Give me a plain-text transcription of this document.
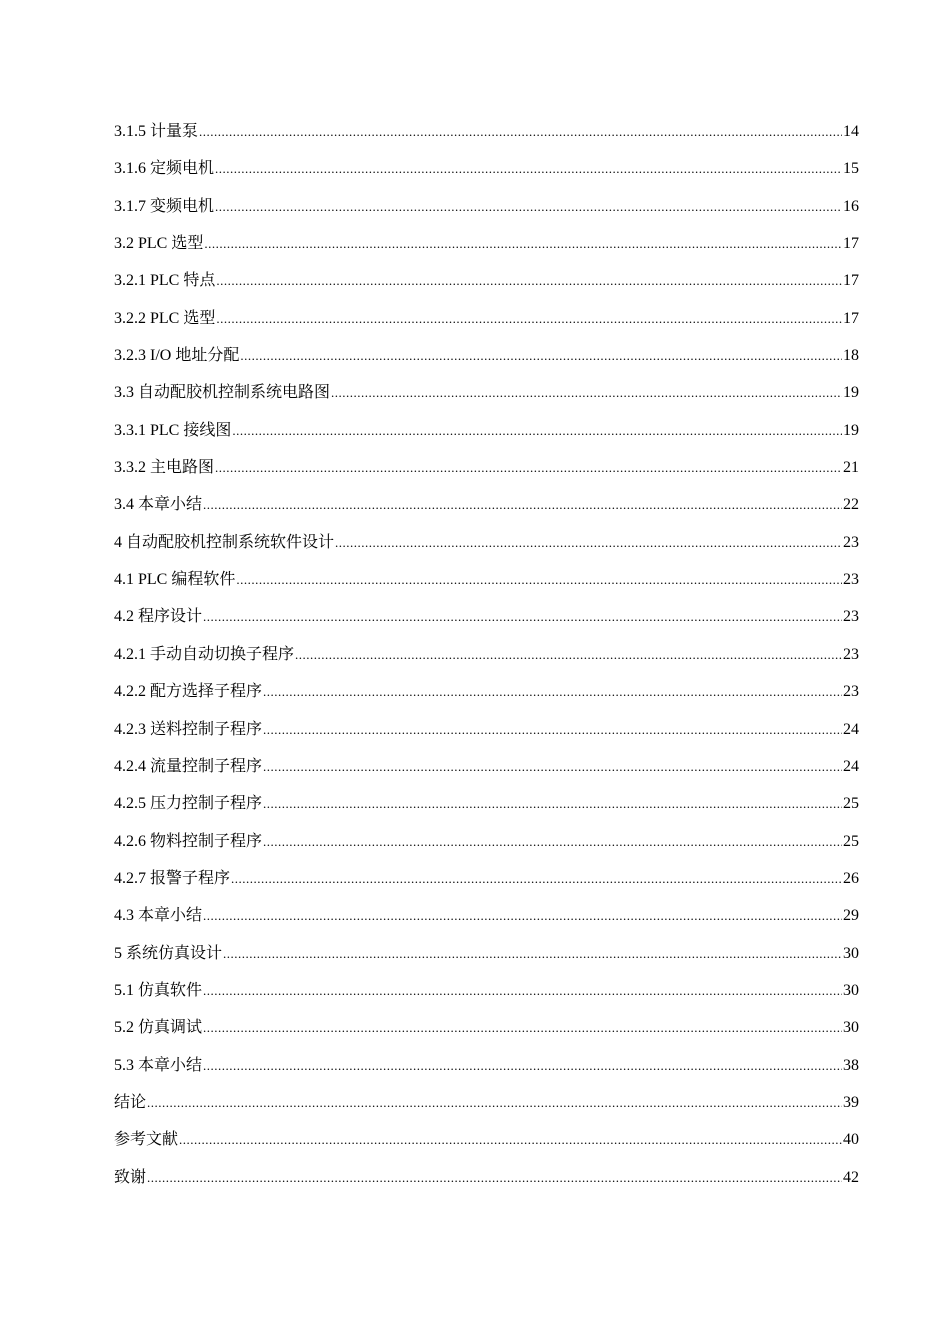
3.1.5 计量泵 .....	14
3.1.6 定频电机 .....	15
3.1.7 变频电机 .....	16
3.2 PLC 选型 .....	17
3.2.1 PLC 特点 .....	17
3.2.2 PLC 选型 .....	17
3.2.3 I/O 地址分配 .....	18
3.3 自动配胶机控制系统电路图 .....	19
3.3.1 PLC 接线图 .....	19
3.3.2 主电路图 .....	21
3.4 本章小结 .....	22
4 自动配胶机控制系统软件设计 .....	23
4.1 PLC 编程软件 .....	23
4.2 程序设计 .....	23
4.2.1 手动自动切换子程序 .....	23
4.2.2 配方选择子程序 .....	23
4.2.3 送料控制子程序 .....	24
4.2.4 流量控制子程序 .....	24
4.2.5 压力控制子程序 .....	25
4.2.6 物料控制子程序 .....	25
4.2.7 报警子程序 .....	26
4.3 本章小结 .....	29
5 系统仿真设计 .....	30
5.1 仿真软件 .....	30
5.2 仿真调试 .....	30
5.3 本章小结 .....	38
结论 .....	39
参考文献 .....	40
致谢 .....	42
